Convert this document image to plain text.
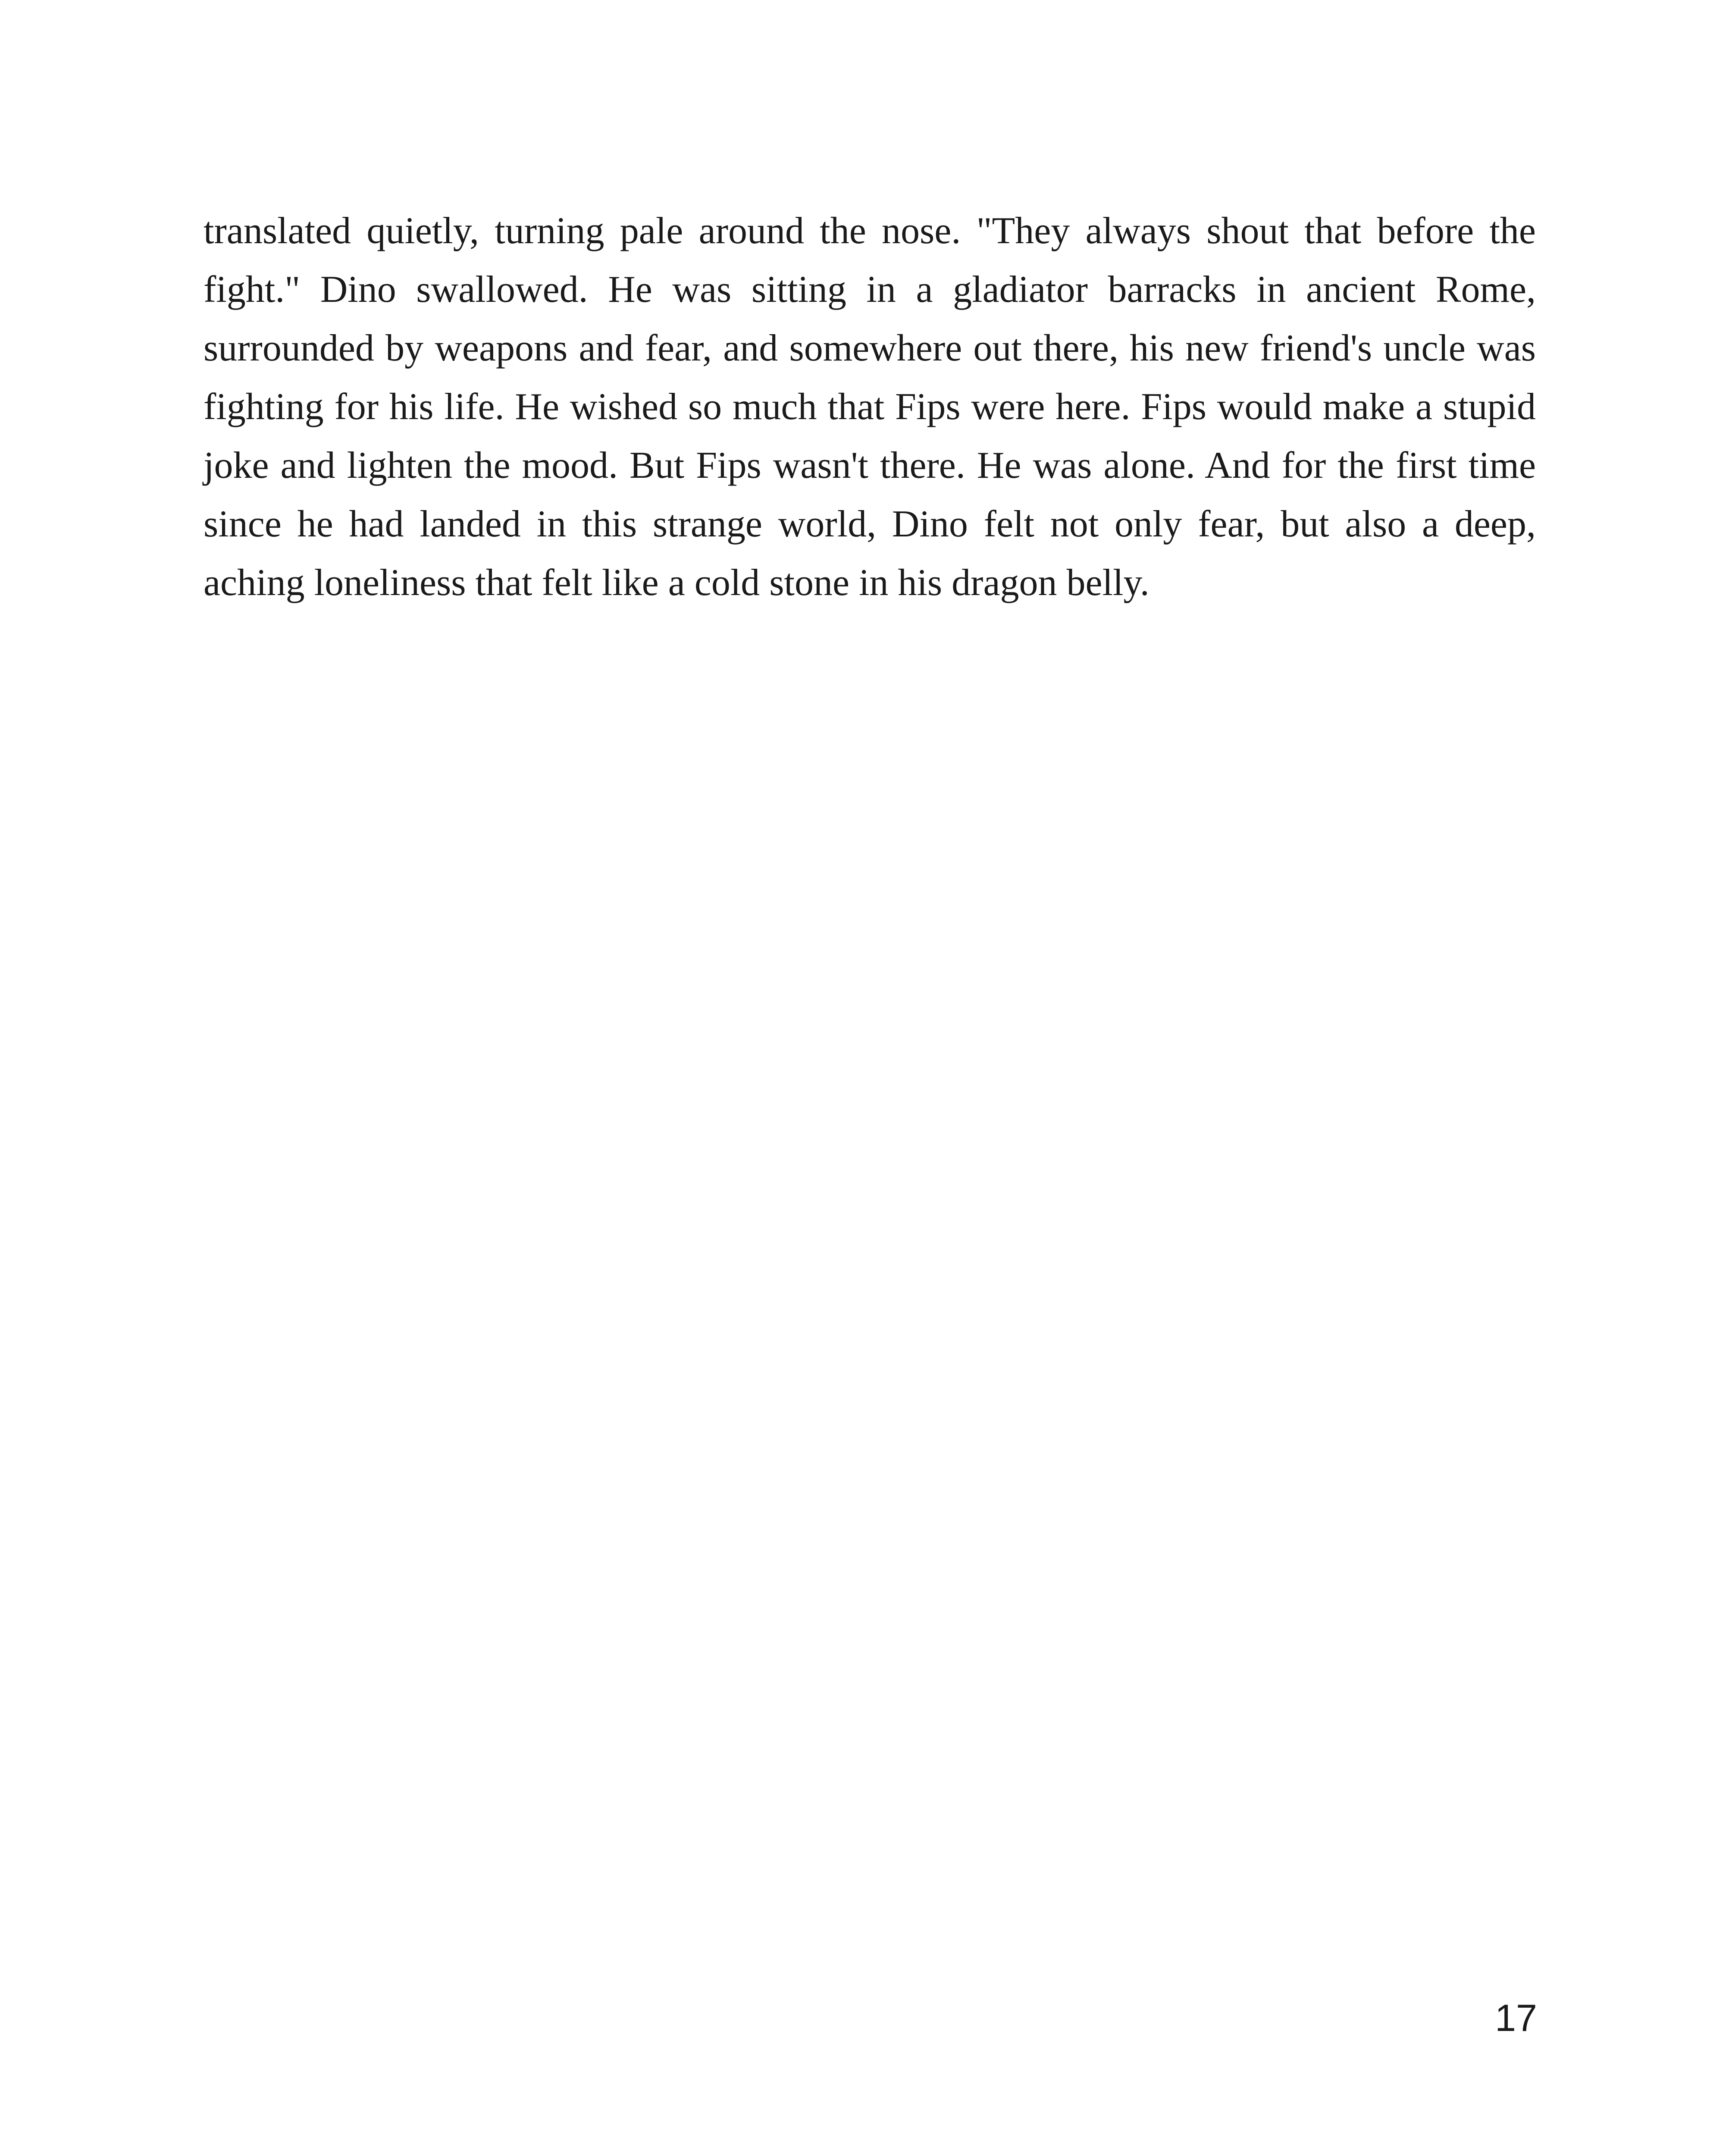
translated quietly, turning pale around the nose. "They always shout that before the fight." Dino swallowed. He was sitting in a gladiator barracks in ancient Rome, surrounded by weapons and fear, and somewhere out there, his new friend's uncle was fighting for his life. He wished so much that Fips were here. Fips would make a stupid joke and lighten the mood. But Fips wasn't there. He was alone. And for the first time since he had landed in this strange world, Dino felt not only fear, but also a deep, aching loneliness that felt like a cold stone in his dragon belly.

17
